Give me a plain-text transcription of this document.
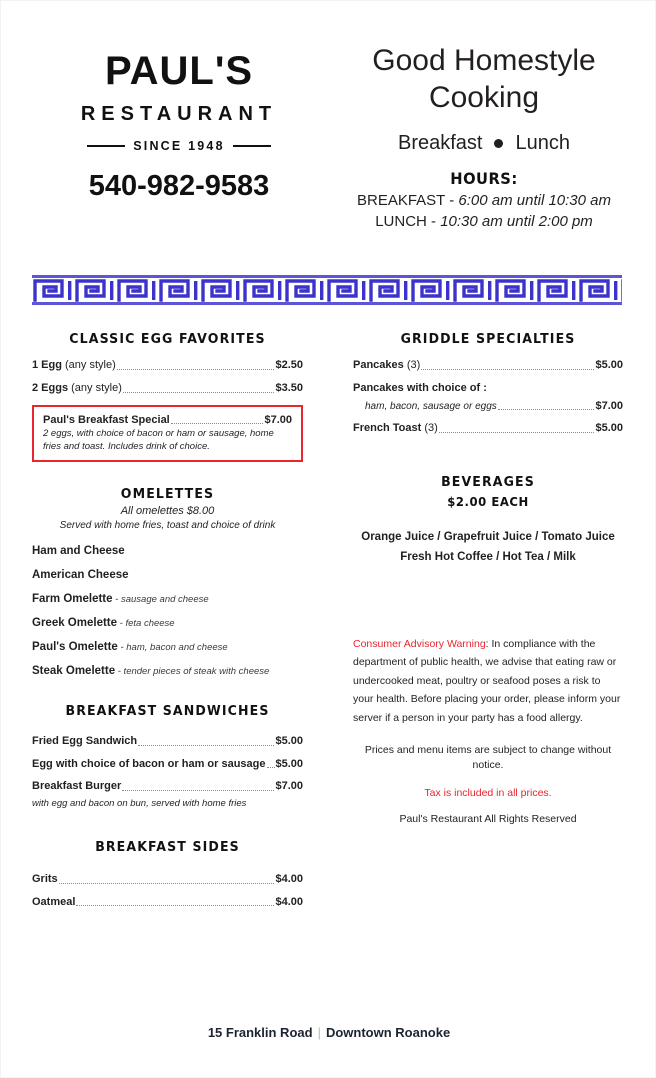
PAUL'S
RESTAURANT
SINCE 1948
540-982-9583
Good Homestyle Cooking
Breakfast Lunch
HOURS:
BREAKFAST - 6:00 am until 10:30 am
LUNCH - 10:30 am until 2:00 pm
CLASSIC EGG FAVORITES
1 Egg (any style)	$2.50
2 Eggs (any style)	$3.50
Paul's Breakfast Special	$7.00
2 eggs, with choice of bacon or ham or sausage, home fries and toast. Includes drink of choice.
OMELETTES
All omelettes $8.00
Served with home fries, toast and choice of drink
Ham and Cheese
American Cheese
Farm Omelette - sausage and cheese
Greek Omelette - feta cheese
Paul's Omelette - ham, bacon and cheese
Steak Omelette - tender pieces of steak with cheese
BREAKFAST SANDWICHES
Fried Egg Sandwich	$5.00
Egg with choice of bacon or ham or sausage $5.00
Breakfast Burger	$7.00
with egg and bacon on bun, served with home fries
BREAKFAST SIDES
Grits	$4.00
Oatmeal	$4.00
GRIDDLE SPECIALTIES
Pancakes (3)	$5.00
Pancakes with choice of :
ham, bacon, sausage or eggs	$7.00
French Toast (3)	$5.00
BEVERAGES
$2.00 EACH
Orange Juice / Grapefruit Juice / Tomato Juice
Fresh Hot Coffee / Hot Tea / Milk
Consumer Advisory Warning: In compliance with the department of public health, we advise that eating raw or undercooked meat, poultry or seafood poses a risk to your health. Before placing your order, please inform your server if a person in your party has a food allergy.
Prices and menu items are subject to change without notice.
Tax is included in all prices.
Paul's Restaurant All Rights Reserved
15 Franklin Road | Downtown Roanoke
